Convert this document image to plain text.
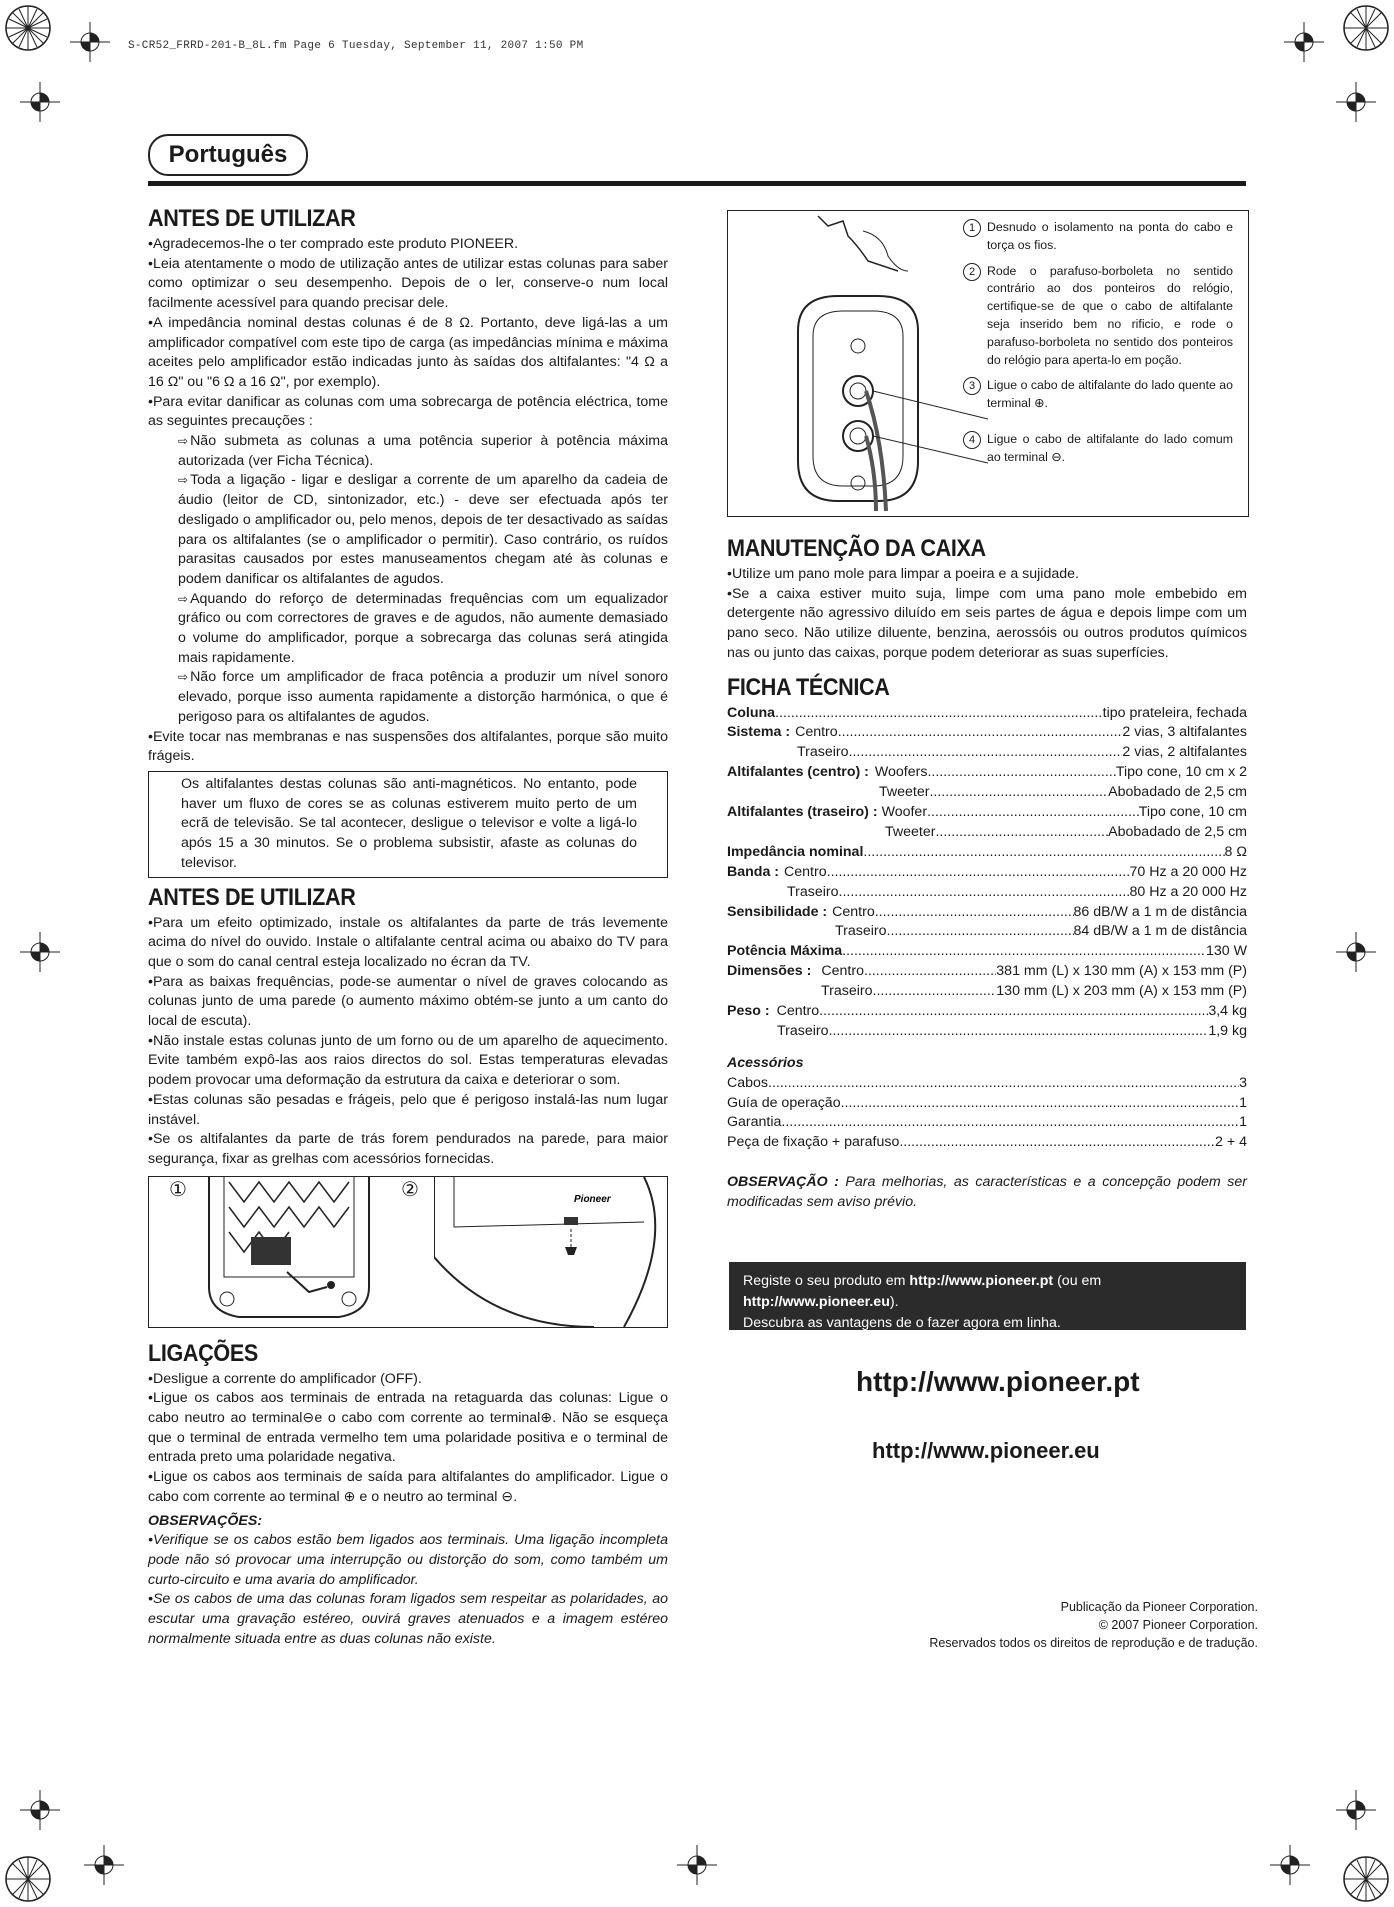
S-CR52_FRRD-201-B_8L.fm Page 6 Tuesday, September 11, 2007 1:50 PM
Português
ANTES DE UTILIZAR

• Agradecemos-lhe o ter comprado este produto PIONEER.

• Leia atentamente o modo de utilização antes de utilizar estas colunas para saber como optimizar o seu desempenho. Depois de o ler, conserve-o num local facilmente acessível para quando precisar dele.

• A impedância nominal destas colunas é de 8 Ω. Portanto, deve ligá-las a um amplificador compatível com este tipo de carga (as impedâncias mínima e máxima aceites pelo amplificador estão indicadas junto às saídas dos altifalantes: "4 Ω a 16 Ω" ou "6 Ω a 16 Ω", por exemplo).

• Para evitar danificar as colunas com uma sobrecarga de potência eléctrica, tome as seguintes precauções :

⇨ Não submeta as colunas a uma potência superior à potência máxima autorizada (ver Ficha Técnica).

⇨ Toda a ligação - ligar e desligar a corrente de um aparelho da cadeia de áudio (leitor de CD, sintonizador, etc.) - deve ser efectuada após ter desligado o amplificador ou, pelo menos, depois de ter desactivado as saídas para os altifalantes (se o amplificador o permitir). Caso contrário, os ruídos parasitas causados por estes manuseamentos chegam até às colunas e podem danificar os altifalantes de agudos.

⇨ Aquando do reforço de determinadas frequências com um equalizador gráfico ou com correctores de graves e de agudos, não aumente demasiado o volume do amplificador, porque a sobrecarga das colunas será atingida mais rapidamente.

⇨ Não force um amplificador de fraca potência a produzir um nível sonoro elevado, porque isso aumenta rapidamente a distorção harmónica, o que é perigoso para os altifalantes de agudos.

• Evite tocar nas membranas e nas suspensões dos altifalantes, porque são muito frágeis.

Os altifalantes destas colunas são anti-magnéticos. No entanto, pode haver um fluxo de cores se as colunas estiverem muito perto de um ecrã de televisão. Se tal acontecer, desligue o televisor e volte a ligá-lo após 15 a 30 minutos. Se o problema subsistir, afaste as colunas do televisor.
ANTES DE UTILIZAR

• Para um efeito optimizado, instale os altifalantes da parte de trás levemente acima do nível do ouvido. Instale o altifalante central acima ou abaixo do TV para que o som do canal central esteja localizado no écran da TV.

• Para as baixas frequências, pode-se aumentar o nível de graves colocando as colunas junto de uma parede (o aumento máximo obtém-se junto a um canto do local de escuta).

• Não instale estas colunas junto de um forno ou de um aparelho de aquecimento. Evite também expô-las aos raios directos do sol. Estas temperaturas elevadas podem provocar uma deformação da estrutura da caixa e deteriorar o som.

• Estas colunas são pesadas e frágeis, pelo que é perigoso instalá-las num lugar instável.

• Se os altifalantes da parte de trás forem pendurados na parede, para maior segurança, fixar as grelhas com acessórios fornecidas.

①	②	Pioneer
LIGAÇÕES

• Desligue a corrente do amplificador (OFF).

• Ligue os cabos aos terminais de entrada na retaguarda das colunas: Ligue o cabo neutro ao terminal⊖e o cabo com corrente ao terminal⊕. Não se esqueça que o terminal de entrada vermelho tem uma polaridade positiva e o terminal de entrada preto uma polaridade negativa.

• Ligue os cabos aos terminais de saída para altifalantes do amplificador. Ligue o cabo com corrente ao terminal ⊕ e o neutro ao terminal ⊖.

OBSERVAÇÕES:

• Verifique se os cabos estão bem ligados aos terminais. Uma ligação incompleta pode não só provocar uma interrupção ou distorção do som, como também um curto-circuito e uma avaria do amplificador.

• Se os cabos de uma das colunas foram ligados sem respeitar as polaridades, ao escutar uma gravação estéreo, ouvirá graves atenuados e a imagem estéreo normalmente situada entre as duas colunas não existe.

1 Desnudo o isolamento na ponta do cabo e torça os fios.
2 Rode o parafuso-borboleta no sentido contrário ao dos ponteiros do relógio, certifique-se de que o cabo de altifalante seja inserido bem no rificio, e rode o parafuso-borboleta no sentido dos ponteiros do relógio para aperta-lo em poção.
3 Ligue o cabo de altifalante do lado quente ao terminal ⊕.
4 Ligue o cabo de altifalante do lado comum ao terminal ⊖.
MANUTENÇÃO DA CAIXA

• Utilize um pano mole para limpar a poeira e a sujidade.

• Se a caixa estiver muito suja, limpe com uma pano mole embebido em detergente não agressivo diluído em seis partes de água e depois limpe com um pano seco. Não utilize diluente, benzina, aerossóis ou outros produtos químicos nas ou junto das caixas, porque podem deteriorar as suas superfícies.

FICHA TÉCNICA
Coluna .....	tipo prateleira, fechada
Sistema : Centro .....	2 vias, 3 altifalantes
Traseiro .....	2 vias, 2 altifalantes
Altifalantes (centro) : Woofers .....	Tipo cone, 10 cm x 2
Tweeter .....	Abobadado de 2,5 cm
Altifalantes (traseiro) : Woofer .....	Tipo cone, 10 cm
Tweeter .....	Abobadado de 2,5 cm
Impedância nominal .....	8 Ω
Banda : Centro .....	70 Hz a 20 000 Hz
Traseiro .....	80 Hz a 20 000 Hz
Sensibilidade : Centro .....	86 dB/W a 1 m de distância
Traseiro .....	84 dB/W a 1 m de distância
Potência Máxima .....	130 W
Dimensões : Centro .....	381 mm (L) x 130 mm (A) x 153 mm (P)
Traseiro .....	130 mm (L) x 203 mm (A) x 153 mm (P)
Peso : Centro .....	3,4 kg
Traseiro .....	1,9 kg
Acessórios
Cabos .....	3
Guía de operação .....	1
Garantia .....	1
Peça de fixação + parafuso .....	2 + 4

OBSERVAÇÃO : Para melhorias, as características e a concepção podem ser modificadas sem aviso prévio.

Registe o seu produto em http://www.pioneer.pt (ou em http://www.pioneer.eu).
Descubra as vantagens de o fazer agora em linha.
http://www.pioneer.pt
http://www.pioneer.eu
Publicação da Pioneer Corporation.
© 2007 Pioneer Corporation.
Reservados todos os direitos de reprodução e de tradução.
